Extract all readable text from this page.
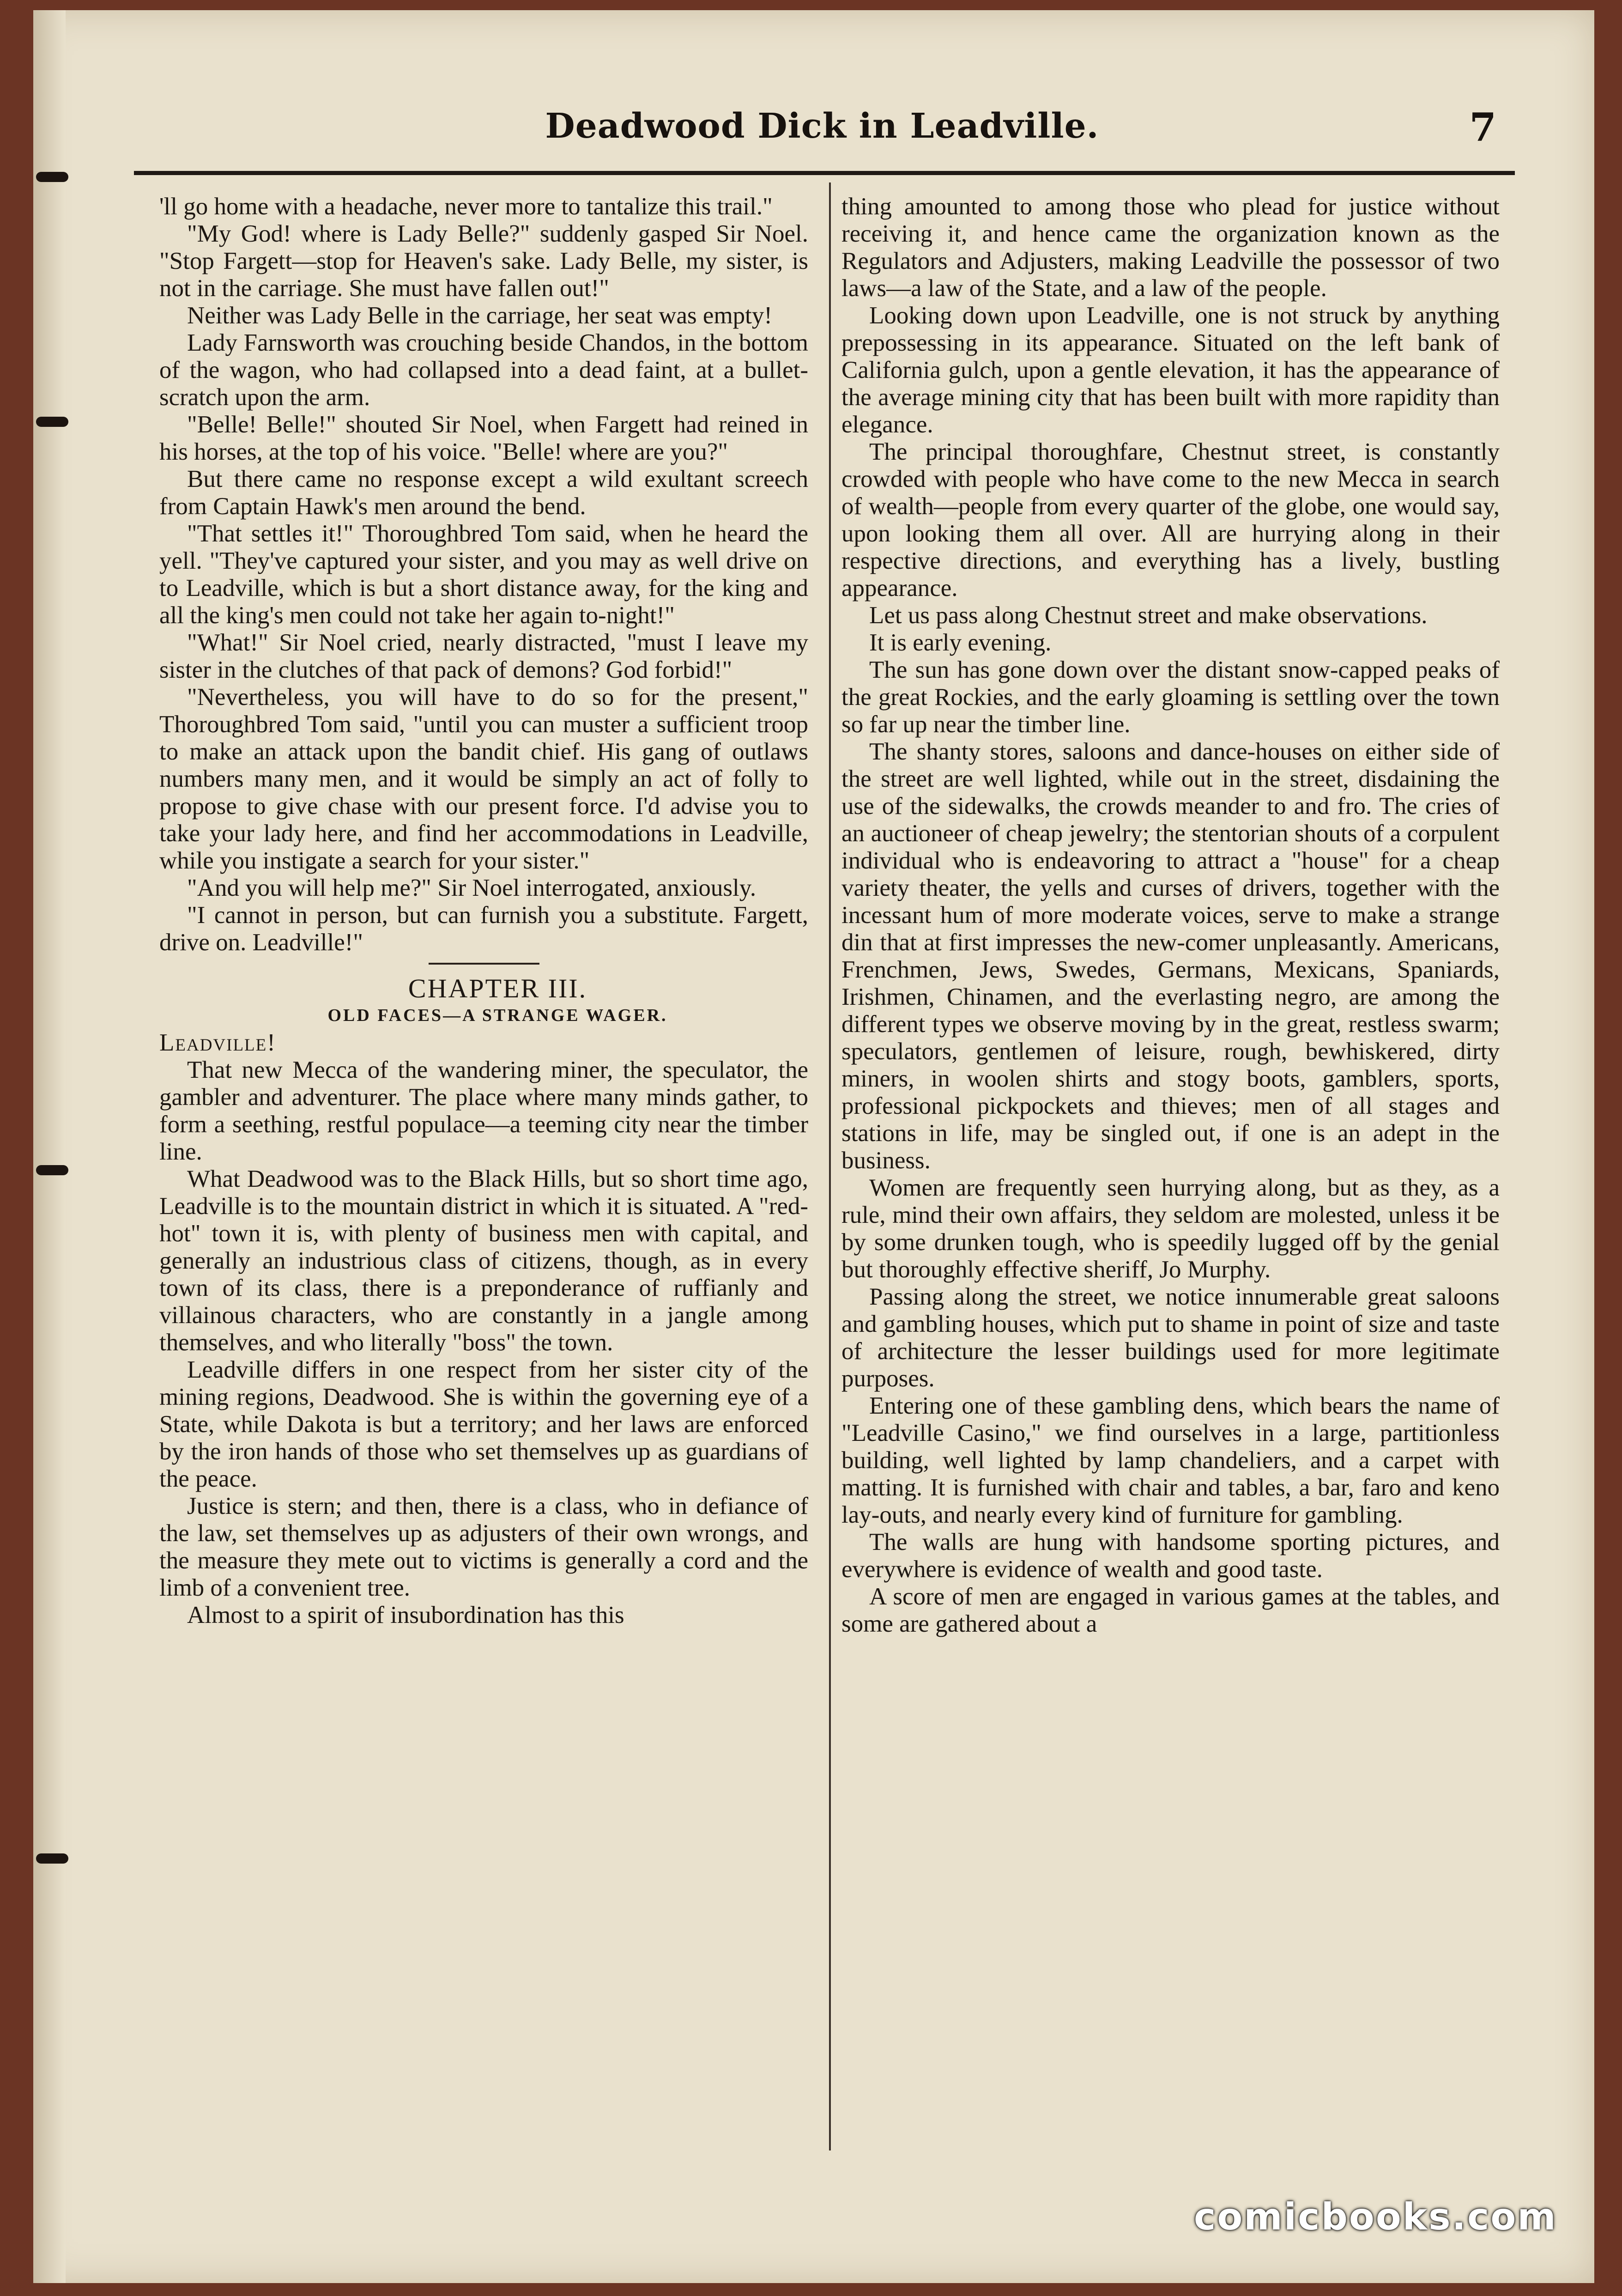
Deadwood Dick in Leadville.	7

'll go home with a headache, never more to tantalize this trail."

"My God! where is Lady Belle?" suddenly gasped Sir Noel. "Stop Fargett—stop for Heaven's sake. Lady Belle, my sister, is not in the carriage. She must have fallen out!"

Neither was Lady Belle in the carriage, her seat was empty!

Lady Farnsworth was crouching beside Chandos, in the bottom of the wagon, who had collapsed into a dead faint, at a bullet-scratch upon the arm.

"Belle! Belle!" shouted Sir Noel, when Fargett had reined in his horses, at the top of his voice. "Belle! where are you?"

But there came no response except a wild exultant screech from Captain Hawk's men around the bend.

"That settles it!" Thoroughbred Tom said, when he heard the yell. "They've captured your sister, and you may as well drive on to Leadville, which is but a short distance away, for the king and all the king's men could not take her again to-night!"

"What!" Sir Noel cried, nearly distracted, "must I leave my sister in the clutches of that pack of demons? God forbid!"

"Nevertheless, you will have to do so for the present," Thoroughbred Tom said, "until you can muster a sufficient troop to make an attack upon the bandit chief. His gang of outlaws numbers many men, and it would be simply an act of folly to propose to give chase with our present force. I'd advise you to take your lady here, and find her accommodations in Leadville, while you instigate a search for your sister."

"And you will help me?" Sir Noel interrogated, anxiously.

"I cannot in person, but can furnish you a substitute. Fargett, drive on. Leadville!"

CHAPTER III.

OLD FACES—A STRANGE WAGER.

Leadville!

That new Mecca of the wandering miner, the speculator, the gambler and adventurer. The place where many minds gather, to form a seething, restful populace—a teeming city near the timber line.

What Deadwood was to the Black Hills, but so short time ago, Leadville is to the mountain district in which it is situated. A "red-hot" town it is, with plenty of business men with capital, and generally an industrious class of citizens, though, as in every town of its class, there is a preponderance of ruffianly and villainous characters, who are constantly in a jangle among themselves, and who literally "boss" the town.

Leadville differs in one respect from her sister city of the mining regions, Deadwood. She is within the governing eye of a State, while Dakota is but a territory; and her laws are enforced by the iron hands of those who set themselves up as guardians of the peace.

Justice is stern; and then, there is a class, who in defiance of the law, set themselves up as adjusters of their own wrongs, and the measure they mete out to victims is generally a cord and the limb of a convenient tree.

Almost to a spirit of insubordination has this

thing amounted to among those who plead for justice without receiving it, and hence came the organization known as the Regulators and Adjusters, making Leadville the possessor of two laws—a law of the State, and a law of the people.

Looking down upon Leadville, one is not struck by anything prepossessing in its appearance. Situated on the left bank of California gulch, upon a gentle elevation, it has the appearance of the average mining city that has been built with more rapidity than elegance.

The principal thoroughfare, Chestnut street, is constantly crowded with people who have come to the new Mecca in search of wealth—people from every quarter of the globe, one would say, upon looking them all over. All are hurrying along in their respective directions, and everything has a lively, bustling appearance.

Let us pass along Chestnut street and make observations.

It is early evening.

The sun has gone down over the distant snow-capped peaks of the great Rockies, and the early gloaming is settling over the town so far up near the timber line.

The shanty stores, saloons and dance-houses on either side of the street are well lighted, while out in the street, disdaining the use of the sidewalks, the crowds meander to and fro. The cries of an auctioneer of cheap jewelry; the stentorian shouts of a corpulent individual who is endeavoring to attract a "house" for a cheap variety theater, the yells and curses of drivers, together with the incessant hum of more moderate voices, serve to make a strange din that at first impresses the new-comer unpleasantly. Americans, Frenchmen, Jews, Swedes, Germans, Mexicans, Spaniards, Irishmen, Chinamen, and the everlasting negro, are among the different types we observe moving by in the great, restless swarm; speculators, gentlemen of leisure, rough, bewhiskered, dirty miners, in woolen shirts and stogy boots, gamblers, sports, professional pickpockets and thieves; men of all stages and stations in life, may be singled out, if one is an adept in the business.

Women are frequently seen hurrying along, but as they, as a rule, mind their own affairs, they seldom are molested, unless it be by some drunken tough, who is speedily lugged off by the genial but thoroughly effective sheriff, Jo Murphy.

Passing along the street, we notice innumerable great saloons and gambling houses, which put to shame in point of size and taste of architecture the lesser buildings used for more legitimate purposes.

Entering one of these gambling dens, which bears the name of "Leadville Casino," we find ourselves in a large, partitionless building, well lighted by lamp chandeliers, and a carpet with matting. It is furnished with chair and tables, a bar, faro and keno lay-outs, and nearly every kind of furniture for gambling.

The walls are hung with handsome sporting pictures, and everywhere is evidence of wealth and good taste.

A score of men are engaged in various games at the tables, and some are gathered about a

comicbooks.com
